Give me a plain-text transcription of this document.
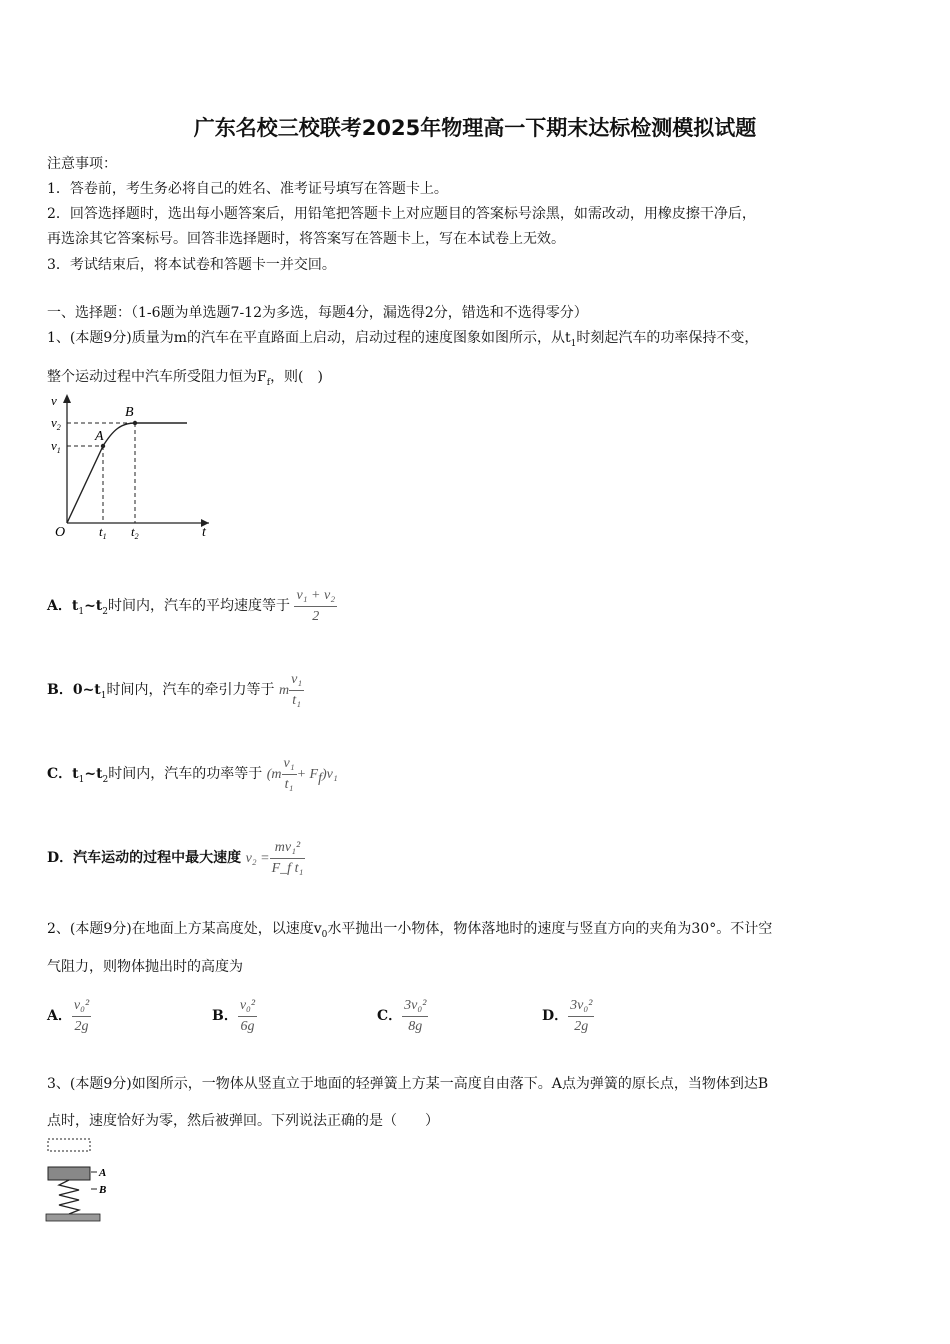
广东名校三校联考2025年物理高一下期末达标检测模拟试题
注意事项：
1．答卷前，考生务必将自己的姓名、准考证号填写在答题卡上。
2．回答选择题时，选出每小题答案后，用铅笔把答题卡上对应题目的答案标号涂黑，如需改动，用橡皮擦干净后，
再选涂其它答案标号。回答非选择题时，将答案写在答题卡上，写在本试卷上无效。
3．考试结束后，将本试卷和答题卡一并交回。
一、选择题：（1-6题为单选题7-12为多选，每题4分，漏选得2分，错选和不选得零分）
1、(本题9分)质量为m的汽车在平直路面上启动，启动过程的速度图象如图所示，从$t_1$时刻起汽车的功率保持不变，
整个运动过程中汽车所受阻力恒为$F_f$，则(　)
v
$v_2$
$v_1$
A
B
O	$t_1$ $t_2$	t
A．$t_1\sim t_2$时间内，汽车的平均速度等于 $\frac{\text{v₁ + v₂}}{2}$
B．$0\sim t_1$时间内，汽车的牵引力等于 m $\frac{\text{v₁}}{\text{t₁}}$
C．$t_1\sim t_2$时间内，汽车的功率等于 $(m \frac{\text{v₁}}{\text{t₁}} + Ff)v_1$
D．汽车运动的过程中最大速度 $v_2 = \frac{\text{mv₁²}}{\text{F\_f t₁}}$
2、(本题9分)在地面上方某高度处，以速度$v_0$水平抛出一小物体，物体落地时的速度与竖直方向的夹角为30°。不计空
气阻力，则物体抛出时的高度为
A． $\frac{\text{v₀²}}{2g}$	B． $\frac{\text{v₀²}}{6g}$	C． $\frac{\text{3v₀²}}{8g}$	D． $\frac{\text{3v₀²}}{2g}$
3、(本题9分)如图所示，一物体从竖直立于地面的轻弹簧上方某一高度自由落下。A点为弹簧的原长点，当物体到达B
点时，速度恰好为零，然后被弹回。下列说法正确的是（　　）
A
B
